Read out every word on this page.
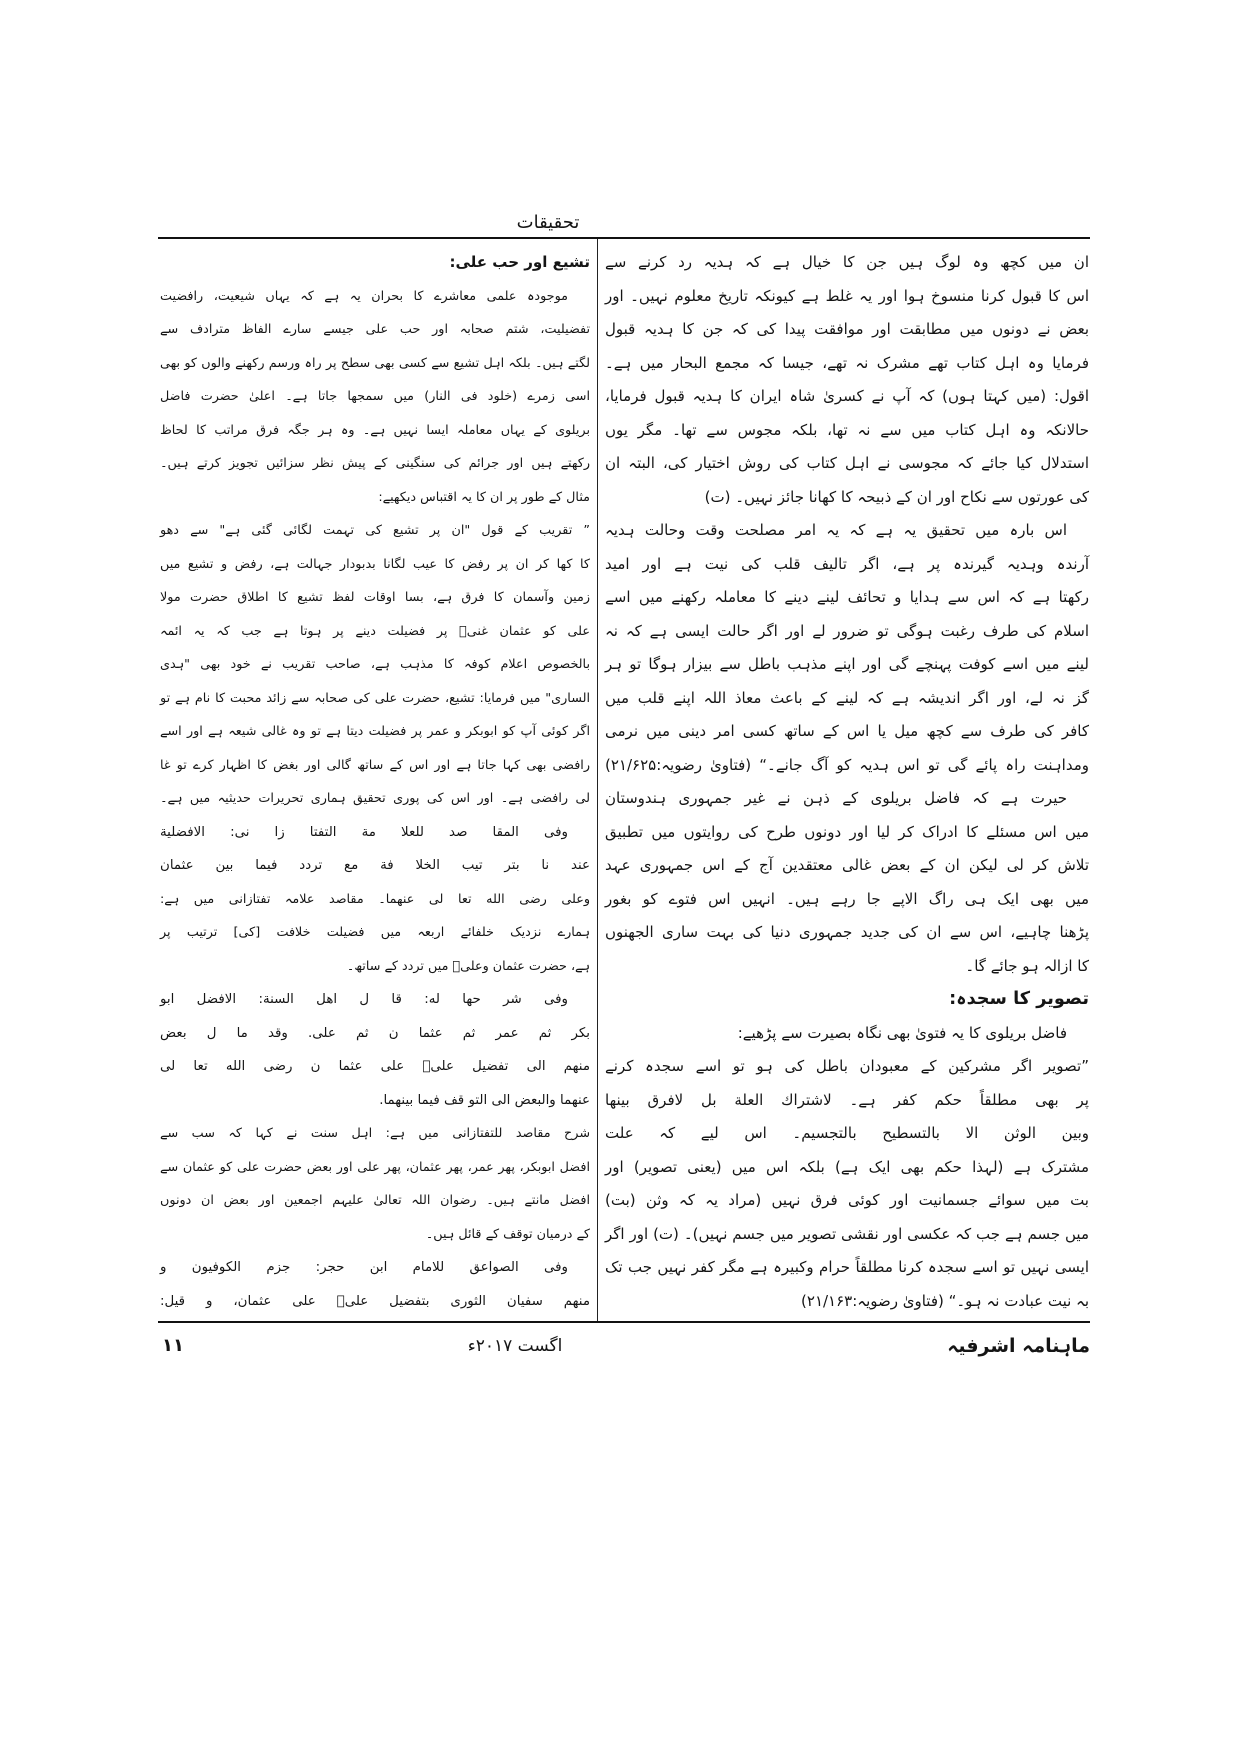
تحقیقات
ان میں کچھ وہ لوگ ہیں جن کا خیال ہے کہ ہدیہ رد کرنے سے
اس کا قبول کرنا منسوخ ہوا اور یہ غلط ہے کیونکہ تاریخ معلوم نہیں۔ اور
بعض نے دونوں میں مطابقت اور موافقت پیدا کی کہ جن کا ہدیہ قبول
فرمایا وہ اہل کتاب تھے مشرک نہ تھے، جیسا کہ مجمع البحار میں ہے۔
اقول: (میں کہتا ہوں) کہ آپ نے کسریٰ شاہ ایران کا ہدیہ قبول فرمایا،
حالانکہ وہ اہل کتاب میں سے نہ تھا، بلکہ مجوس سے تھا۔ مگر یوں
استدلال کیا جائے کہ مجوسی نے اہل کتاب کی روش اختیار کی، البتہ ان
کی عورتوں سے نکاح اور ان کے ذبیحہ کا کھانا جائز نہیں۔ (ت)
اس بارہ میں تحقیق یہ ہے کہ یہ امر مصلحت وقت وحالت ہدیہ
آرندہ وہدیہ گیرندہ پر ہے، اگر تالیف قلب کی نیت ہے اور امید
رکھتا ہے کہ اس سے ہدایا و تحائف لینے دینے کا معاملہ رکھنے میں اسے
اسلام کی طرف رغبت ہوگی تو ضرور لے اور اگر حالت ایسی ہے کہ نہ
لینے میں اسے کوفت پہنچے گی اور اپنے مذہب باطل سے بیزار ہوگا تو ہر
گز نہ لے، اور اگر اندیشہ ہے کہ لینے کے باعث معاذ اللہ اپنے قلب میں
کافر کی طرف سے کچھ میل یا اس کے ساتھ کسی امر دینی میں نرمی
ومداہنت راہ پائے گی تو اس ہدیہ کو آگ جانے۔“ (فتاویٰ رضویہ:۲۱/۶۲۵)
حیرت ہے کہ فاضل بریلوی کے ذہن نے غیر جمہوری ہندوستان
میں اس مسئلے کا ادراک کر لیا اور دونوں طرح کی روایتوں میں تطبیق
تلاش کر لی لیکن ان کے بعض غالی معتقدین آج کے اس جمہوری عہد
میں بھی ایک ہی راگ الاپے جا رہے ہیں۔ انہیں اس فتوے کو بغور
پڑھنا چاہیے، اس سے ان کی جدید جمہوری دنیا کی بہت ساری الجھنوں
کا ازالہ ہو جائے گا۔
تصویر کا سجدہ:
فاضل بریلوی کا یہ فتویٰ بھی نگاہ بصیرت سے پڑھیے:
”تصویر اگر مشرکین کے معبودان باطل کی ہو تو اسے سجدہ کرنے
پر بھی مطلقاً حکم کفر ہے۔ لاشتراك العلة بل لافرق بينها
وبين الوثن الا بالتسطيح بالتجسيم۔ اس لیے کہ علت
مشترک ہے (لہذا حکم بھی ایک ہے) بلکہ اس میں (یعنی تصویر) اور
بت میں سوائے جسمانیت اور کوئی فرق نہیں (مراد یہ کہ وثن (بت)
میں جسم ہے جب کہ عکسی اور نقشی تصویر میں جسم نہیں)۔ (ت) اور اگر
ایسی نہیں تو اسے سجدہ کرنا مطلقاً حرام وکبیرہ ہے مگر کفر نہیں جب تک
بہ نیت عبادت نہ ہو۔“ (فتاویٰ رضویہ:۲۱/۱۶۳)
تشیع اور حب علی:
موجودہ علمی معاشرے کا بحران یہ ہے کہ یہاں شیعیت، رافضیت
تفضیلیت، شتم صحابہ اور حب علی جیسے سارے الفاظ مترادف سے
لگتے ہیں۔ بلکہ اہل تشیع سے کسی بھی سطح پر راہ ورسم رکھنے والوں کو بھی
اسی زمرے (خلود فی النار) میں سمجھا جاتا ہے۔ اعلیٰ حضرت فاضل
بریلوی کے یہاں معاملہ ایسا نہیں ہے۔ وہ ہر جگہ فرق مراتب کا لحاظ
رکھتے ہیں اور جرائم کی سنگینی کے پیش نظر سزائیں تجویز کرتے ہیں۔
مثال کے طور پر ان کا یہ اقتباس دیکھیے:
” تقریب کے قول "ان پر تشیع کی تہمت لگائی گئی ہے" سے دھو
کا کھا کر ان پر رفض کا عیب لگانا بدبودار جہالت ہے، رفض و تشیع میں
زمین وآسمان کا فرق ہے، بسا اوقات لفظ تشیع کا اطلاق حضرت مولا
علی کو عثمان غنیؓ پر فضیلت دینے پر ہوتا ہے جب کہ یہ ائمہ
بالخصوص اعلام کوفہ کا مذہب ہے، صاحب تقریب نے خود بھی "ہدی
الساری" میں فرمایا: تشیع، حضرت علی کی صحابہ سے زائد محبت کا نام ہے تو
اگر کوئی آپ کو ابوبکر و عمر پر فضیلت دیتا ہے تو وہ غالی شیعہ ہے اور اسے
رافضی بھی کہا جاتا ہے اور اس کے ساتھ گالی اور بغض کا اظہار کرے تو غا
لی رافضی ہے۔ اور اس کی پوری تحقیق ہماری تحریرات حدیثیہ میں ہے۔
وفی المقا صد للعلا مة التفتا زا نی: الافضلية
عند نا بتر تيب الخلا فة مع تردد فيما بين عثمان
وعلی رضی الله تعا لی عنهما۔ مقاصد علامہ تفتازانی میں ہے:
ہمارے نزدیک خلفائے اربعہ میں فضیلت خلافت [کی] ترتیب پر
ہے، حضرت عثمان وعلیؓ میں تردد کے ساتھ۔
وفی شر حها له: قا ل اهل السنة: الافضل ابو
بكر ثم عمر ثم عثما ن ثم علی. وقد ما ل بعض
منهم الی تفضيل علیؓ علی عثما ن رضی الله تعا لی
عنهما والبعض الی التو قف فيما بينهما.
شرح مقاصد للتفتازانی میں ہے: اہل سنت نے کہا کہ سب سے
افضل ابوبکر، پھر عمر، پھر عثمان، پھر علی اور بعض حضرت علی کو عثمان سے
افضل مانتے ہیں۔ رضوان اللہ تعالیٰ علیہم اجمعین اور بعض ان دونوں
کے درمیان توقف کے قائل ہیں۔
وفی الصواعق للامام ابن حجر: جزم الكوفيون و
منهم سفيان الثوری بتفضيل علیؓ علی عثمان، و قيل:
ماہنامہ اشرفیہ
اگست ۲۰۱۷ء
۱۱
